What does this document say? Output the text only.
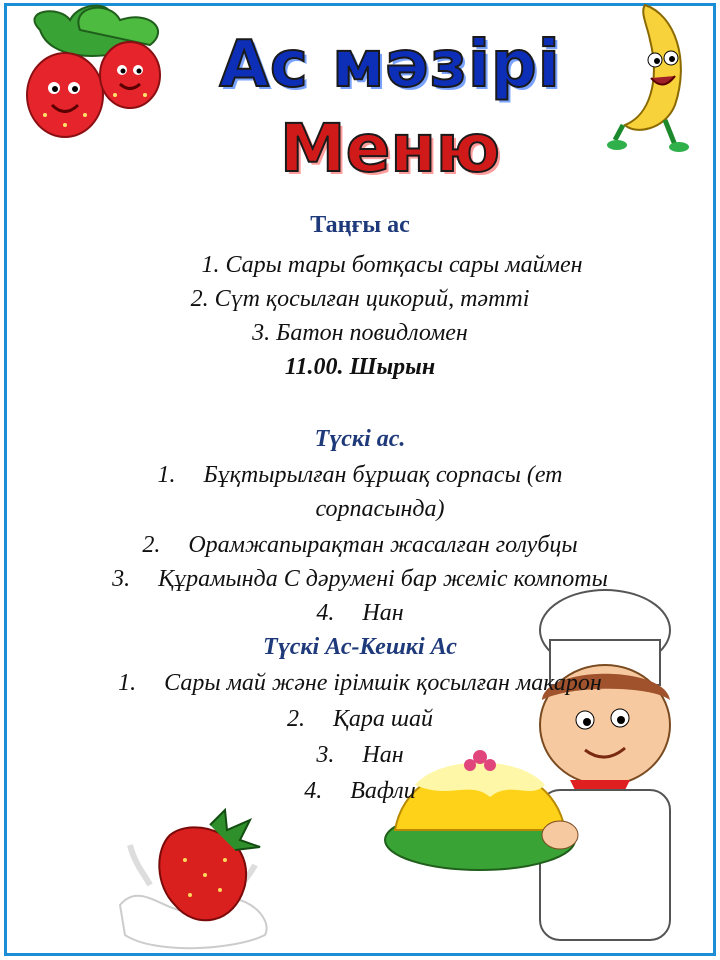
Ас мәзірі
Меню
Таңғы ас
1. Сары тары ботқасы сары маймен
2. Сүт қосылған цикорий, тәтті
3. Батон повидломен
11.00. Шырын
Түскі ас.
1. Бұқтырылған бұршақ сорпасы (ет
сорпасында)
2. Орамжапырақтан жасалған голубцы
3. Құрамында С дәрумені бар жеміс компоты
4. Нан
Түскі Ас-Кешкі Ас
1. Сары май және ірімшік қосылған макарон
2. Қара шай
3. Нан
4. Вафли
